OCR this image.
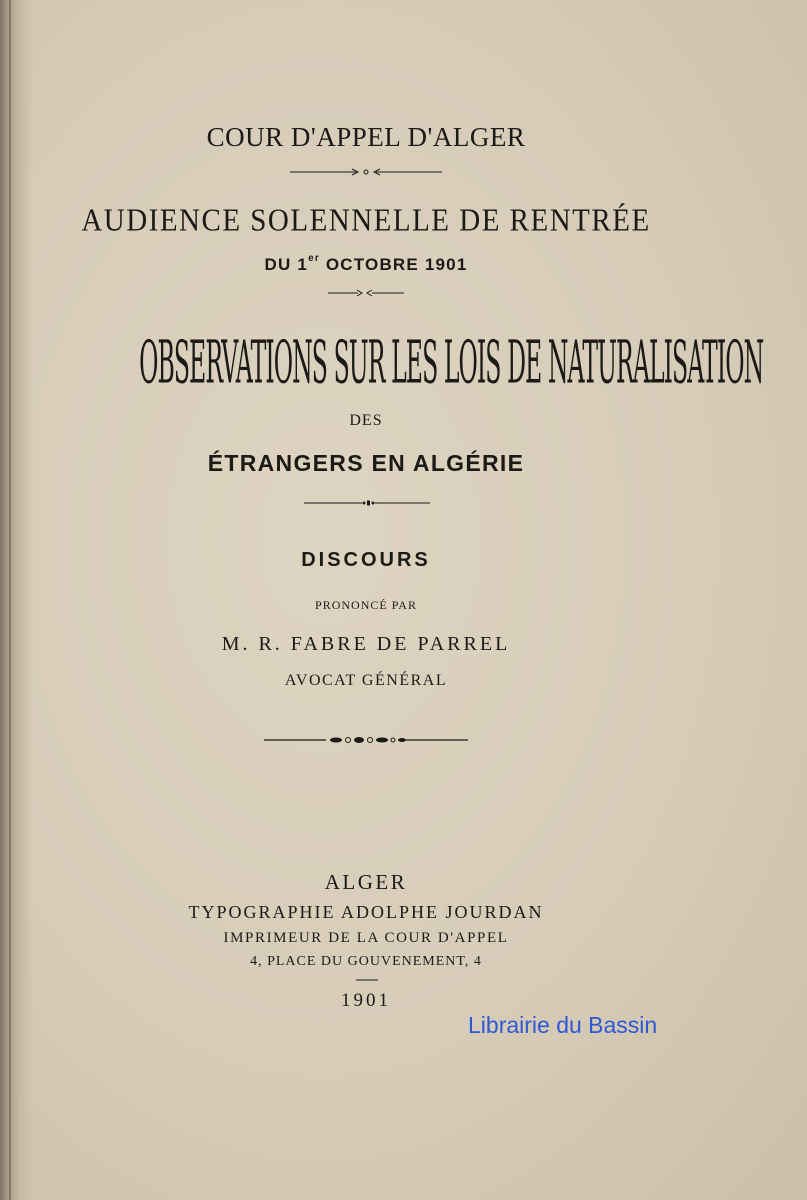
COUR D'APPEL D'ALGER
AUDIENCE SOLENNELLE DE RENTRÉE
DU 1er OCTOBRE 1901
OBSERVATIONS SUR LES LOIS DE NATURALISATION
DES
ÉTRANGERS EN ALGÉRIE
DISCOURS
PRONONCÉ PAR
M. R. FABRE DE PARREL
AVOCAT GÉNÉRAL
ALGER
TYPOGRAPHIE ADOLPHE JOURDAN
IMPRIMEUR DE LA COUR D'APPEL
4, PLACE DU GOUVENEMENT, 4
1901
Librairie du Bassin
